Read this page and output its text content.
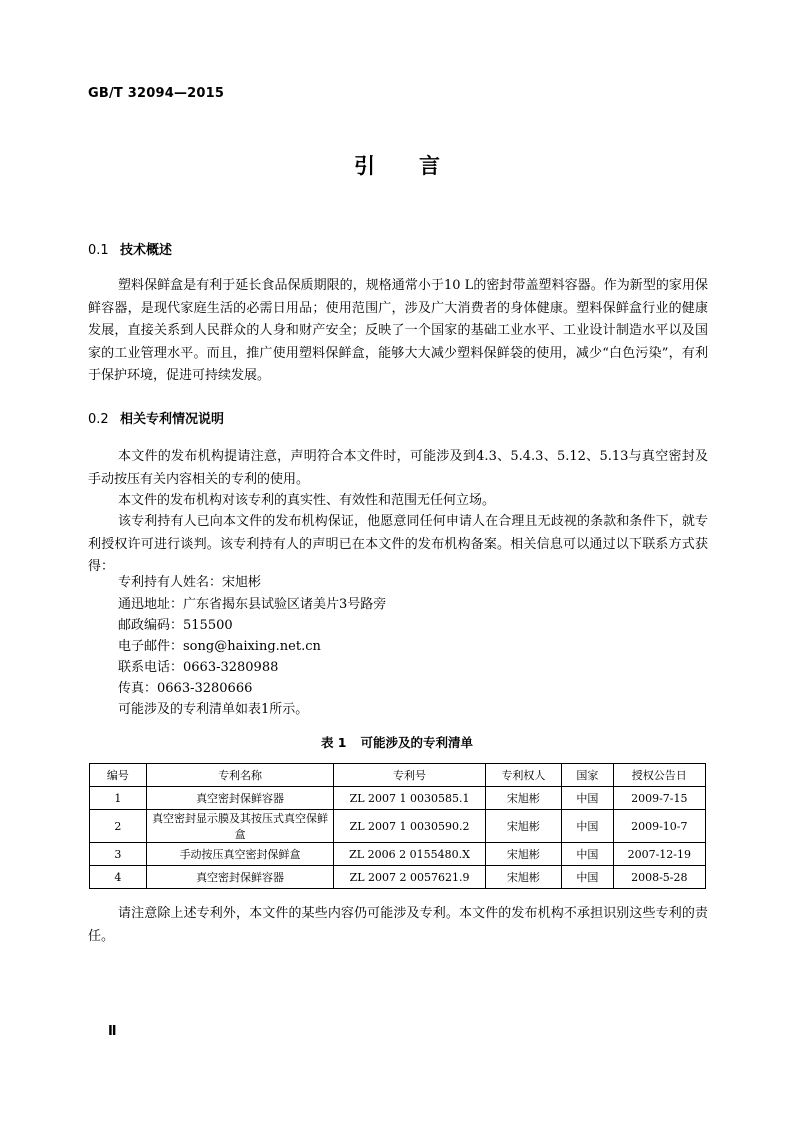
GB/T 32094—2015
引 言
0.1 技术概述
塑料保鲜盒是有利于延长食品保质期限的，规格通常小于10 L的密封带盖塑料容器。作为新型的家用保鲜容器，是现代家庭生活的必需日用品；使用范围广，涉及广大消费者的身体健康。塑料保鲜盒行业的健康发展，直接关系到人民群众的人身和财产安全；反映了一个国家的基础工业水平、工业设计制造水平以及国家的工业管理水平。而且，推广使用塑料保鲜盒，能够大大减少塑料保鲜袋的使用，减少“白色污染”，有利于保护环境，促进可持续发展。
0.2 相关专利情况说明
本文件的发布机构提请注意，声明符合本文件时，可能涉及到4.3、5.4.3、5.12、5.13与真空密封及手动按压有关内容相关的专利的使用。
本文件的发布机构对该专利的真实性、有效性和范围无任何立场。
该专利持有人已向本文件的发布机构保证，他愿意同任何申请人在合理且无歧视的条款和条件下，就专利授权许可进行谈判。该专利持有人的声明已在本文件的发布机构备案。相关信息可以通过以下联系方式获得：
专利持有人姓名：宋旭彬
通迅地址：广东省揭东县试验区诸美片3号路旁
邮政编码：515500
电子邮件：song@haixing.net.cn
联系电话：0663-3280988
传真：0663-3280666
可能涉及的专利清单如表1所示。
表 1 可能涉及的专利清单
编号	专利名称	专利号	专利权人	国家	授权公告日
1	真空密封保鲜容器	ZL 2007 1 0030585.1	宋旭彬	中国	2009-7-15
2	真空密封显示膜及其按压式真空保鲜盒	ZL 2007 1 0030590.2	宋旭彬	中国	2009-10-7
3	手动按压真空密封保鲜盒	ZL 2006 2 0155480.X	宋旭彬	中国	2007-12-19
4	真空密封保鲜容器	ZL 2007 2 0057621.9	宋旭彬	中国	2008-5-28
请注意除上述专利外，本文件的某些内容仍可能涉及专利。本文件的发布机构不承担识别这些专利的责任。
Ⅱ
